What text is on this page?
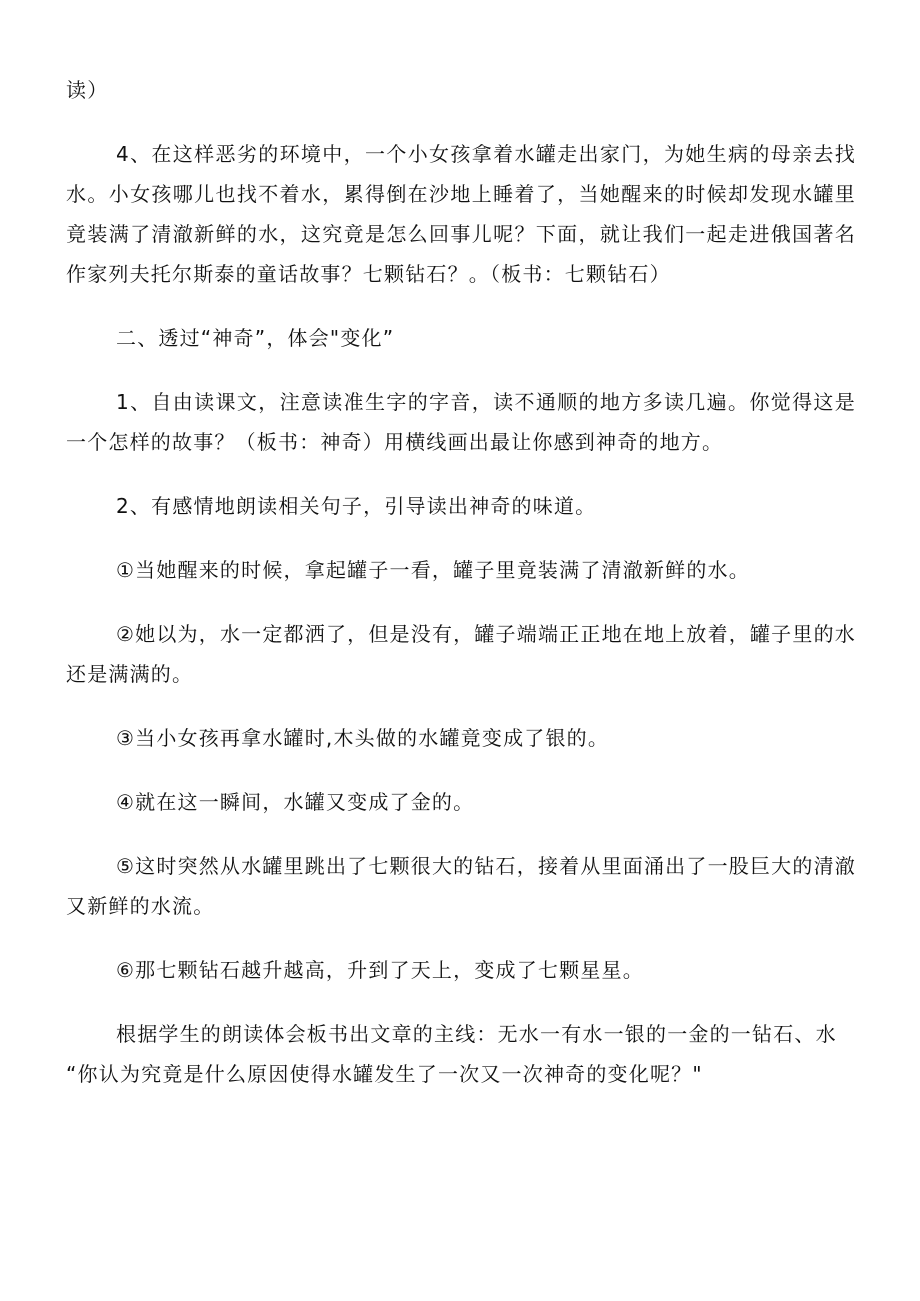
读）

4、在这样恶劣的环境中，一个小女孩拿着水罐走出家门，为她生病的母亲去找水。小女孩哪儿也找不着水，累得倒在沙地上睡着了，当她醒来的时候却发现水罐里竟装满了清澈新鲜的水，这究竟是怎么回事儿呢？下面，就让我们一起走进俄国著名作家列夫托尔斯泰的童话故事？七颗钻石？。（板书：七颗钻石）

二、透过“神奇”，体会"变化”

1、自由读课文，注意读准生字的字音，读不通顺的地方多读几遍。你觉得这是一个怎样的故事？（板书：神奇）用横线画出最让你感到神奇的地方。

2、有感情地朗读相关句子，引导读出神奇的味道。

①当她醒来的时候，拿起罐子一看，罐子里竟装满了清澈新鲜的水。

②她以为，水一定都洒了，但是没有，罐子端端正正地在地上放着，罐子里的水还是满满的。

③当小女孩再拿水罐时,木头做的水罐竟变成了银的。

④就在这一瞬间，水罐又变成了金的。

⑤这时突然从水罐里跳出了七颗很大的钻石，接着从里面涌出了一股巨大的清澈又新鲜的水流。

⑥那七颗钻石越升越高，升到了天上，变成了七颗星星。

根据学生的朗读体会板书出文章的主线：无水一有水一银的一金的一钻石、水

“你认为究竟是什么原因使得水罐发生了一次又一次神奇的变化呢？"
